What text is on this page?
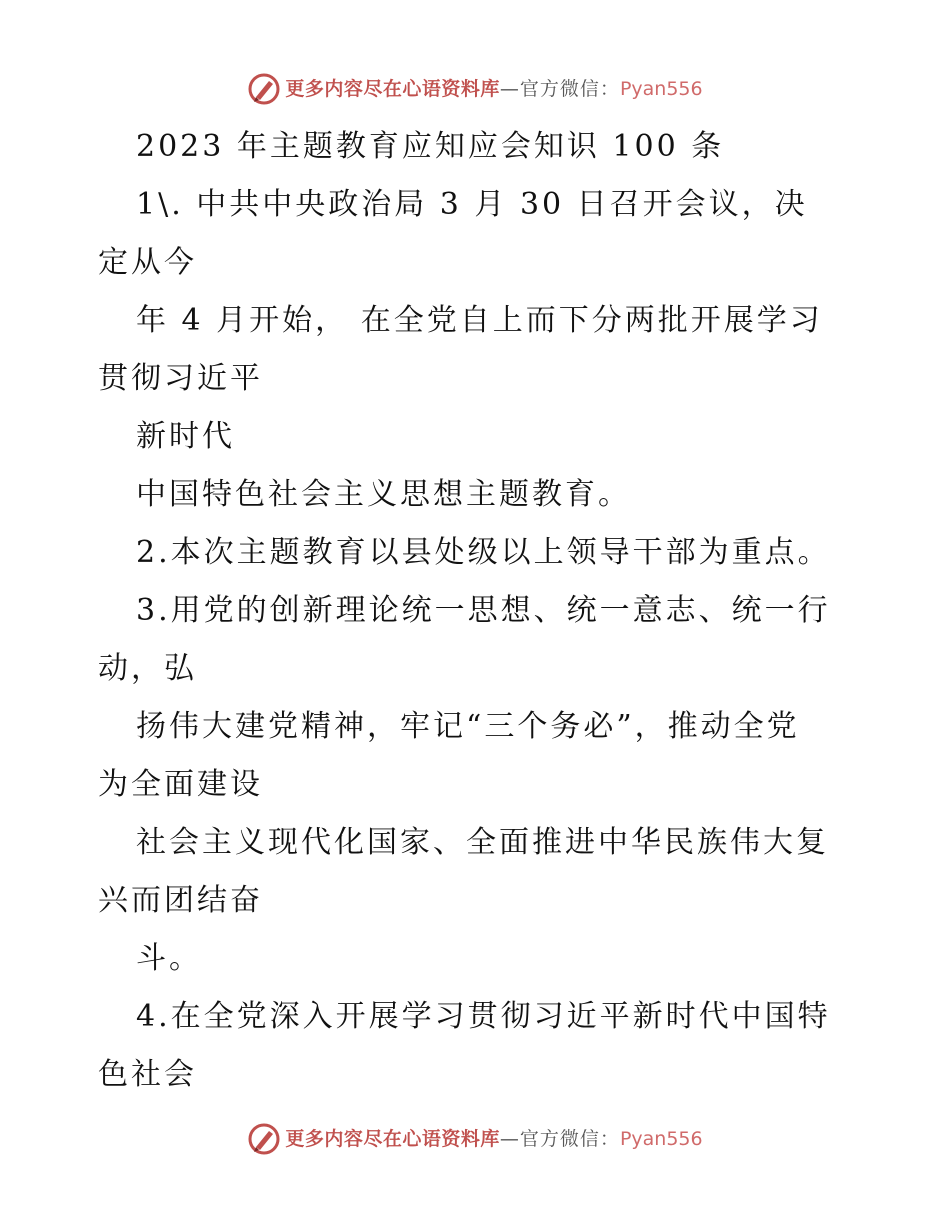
更多内容尽在心语资料库 —官方微信： Pyan556
2023 年主题教育应知应会知识 100 条
1\. 中共中央政治局 3 月 30 日召开会议，决
定从今
年 4 月开始， 在全党自上而下分两批开展学习
贯彻习近平
新时代
中国特色社会主义思想主题教育。
2.本次主题教育以县处级以上领导干部为重点。
3.用党的创新理论统一思想、统一意志、统一行
动，弘
扬伟大建党精神，牢记“三个务必”，推动全党
为全面建设
社会主义现代化国家、全面推进中华民族伟大复
兴而团结奋
斗。
4.在全党深入开展学习贯彻习近平新时代中国特
色社会
更多内容尽在心语资料库 —官方微信： Pyan556
